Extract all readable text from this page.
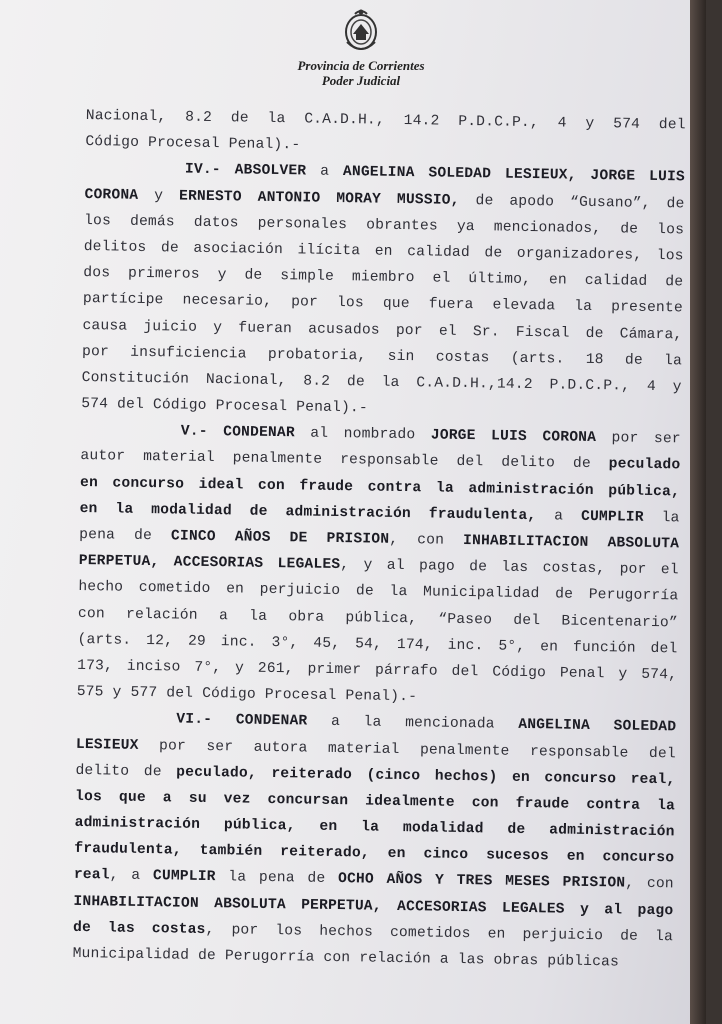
Provincia de Corrientes
Poder Judicial
Nacional, 8.2 de la C.A.D.H., 14.2 P.D.C.P., 4 y 574 del
Código Procesal Penal).-
IV.- ABSOLVER a ANGELINA SOLEDAD LESIEUX, JORGE LUIS
CORONA y ERNESTO ANTONIO MORAY MUSSIO, de apodo “Gusano”, de
los demás datos personales obrantes ya mencionados, de los
delitos de asociación ilícita en calidad de organizadores, los
dos primeros y de simple miembro el último, en calidad de
partícipe necesario, por los que fuera elevada la presente
causa juicio y fueran acusados por el Sr. Fiscal de Cámara,
por insuficiencia probatoria, sin costas (arts. 18 de la
Constitución Nacional, 8.2 de la C.A.D.H.,14.2 P.D.C.P., 4 y
574 del Código Procesal Penal).-
V.- CONDENAR al nombrado JORGE LUIS CORONA por ser
autor material penalmente responsable del delito de peculado
en concurso ideal con fraude contra la administración pública,
en la modalidad de administración fraudulenta, a CUMPLIR la
pena de CINCO AÑOS DE PRISION, con INHABILITACION ABSOLUTA
PERPETUA, ACCESORIAS LEGALES, y al pago de las costas, por el
hecho cometido en perjuicio de la Municipalidad de Perugorría
con relación a la obra pública, “Paseo del Bicentenario”
(arts. 12, 29 inc. 3°, 45, 54, 174, inc. 5°, en función del
173, inciso 7°, y 261, primer párrafo del Código Penal y 574,
575 y 577 del Código Procesal Penal).-
VI.- CONDENAR a la mencionada ANGELINA SOLEDAD
LESIEUX por ser autora material penalmente responsable del
delito de peculado, reiterado (cinco hechos) en concurso real,
los que a su vez concursan idealmente con fraude contra la
administración pública, en la modalidad de administración
fraudulenta, también reiterado, en cinco sucesos en concurso
real, a CUMPLIR la pena de OCHO AÑOS Y TRES MESES PRISION, con
INHABILITACION ABSOLUTA PERPETUA, ACCESORIAS LEGALES y al pago
de las costas, por los hechos cometidos en perjuicio de la
Municipalidad de Perugorría con relación a las obras públicas
